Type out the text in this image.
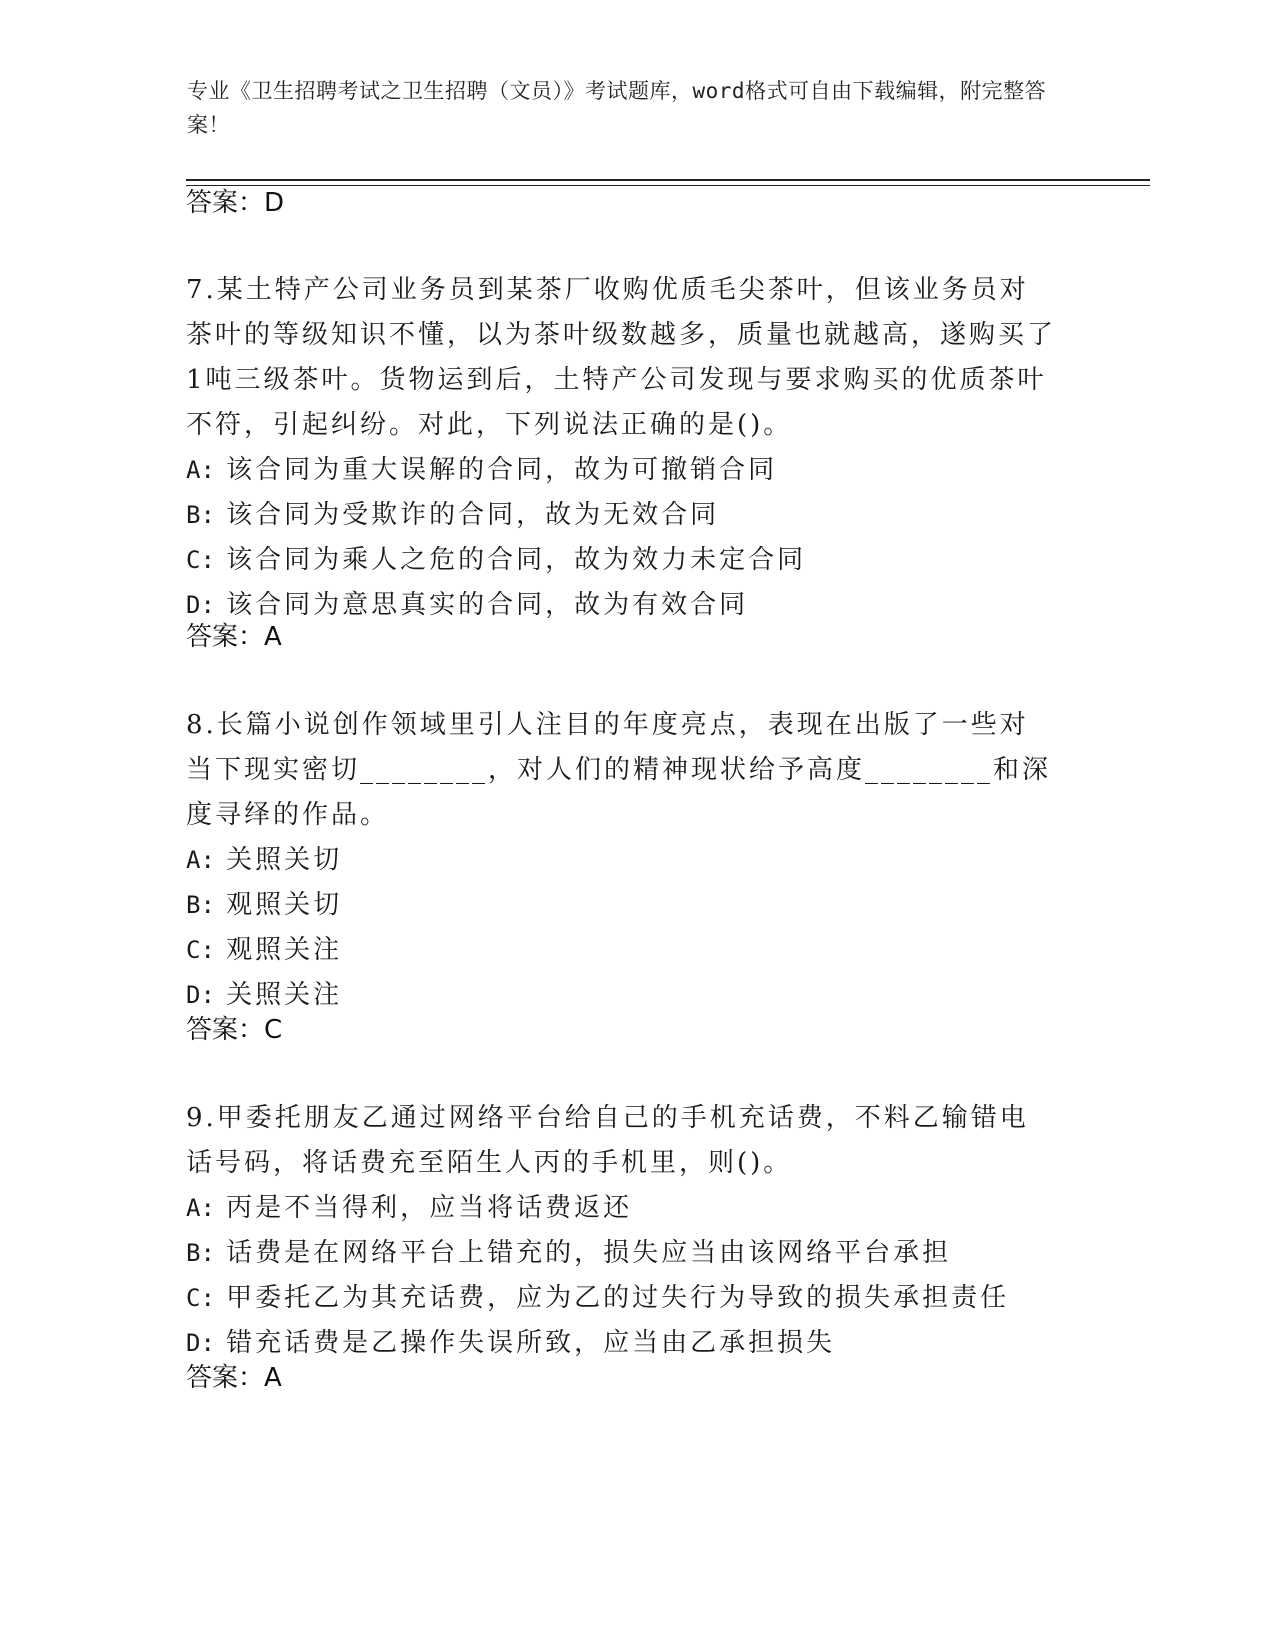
专业《卫生招聘考试之卫生招聘（文员）》考试题库，word格式可自由下载编辑，附完整答案！
答案：D
7.某土特产公司业务员到某茶厂收购优质毛尖茶叶，但该业务员对茶叶的等级知识不懂，以为茶叶级数越多，质量也就越高，遂购买了1吨三级茶叶。货物运到后，土特产公司发现与要求购买的优质茶叶不符，引起纠纷。对此，下列说法正确的是()。
A: 该合同为重大误解的合同，故为可撤销合同
B: 该合同为受欺诈的合同，故为无效合同
C: 该合同为乘人之危的合同，故为效力未定合同
D: 该合同为意思真实的合同，故为有效合同
答案：A
8.长篇小说创作领域里引人注目的年度亮点，表现在出版了一些对当下现实密切________，对人们的精神现状给予高度________和深度寻绎的作品。
A: 关照关切
B: 观照关切
C: 观照关注
D: 关照关注
答案：C
9.甲委托朋友乙通过网络平台给自己的手机充话费，不料乙输错电话号码，将话费充至陌生人丙的手机里，则()。
A: 丙是不当得利，应当将话费返还
B: 话费是在网络平台上错充的，损失应当由该网络平台承担
C: 甲委托乙为其充话费，应为乙的过失行为导致的损失承担责任
D: 错充话费是乙操作失误所致，应当由乙承担损失
答案：A
